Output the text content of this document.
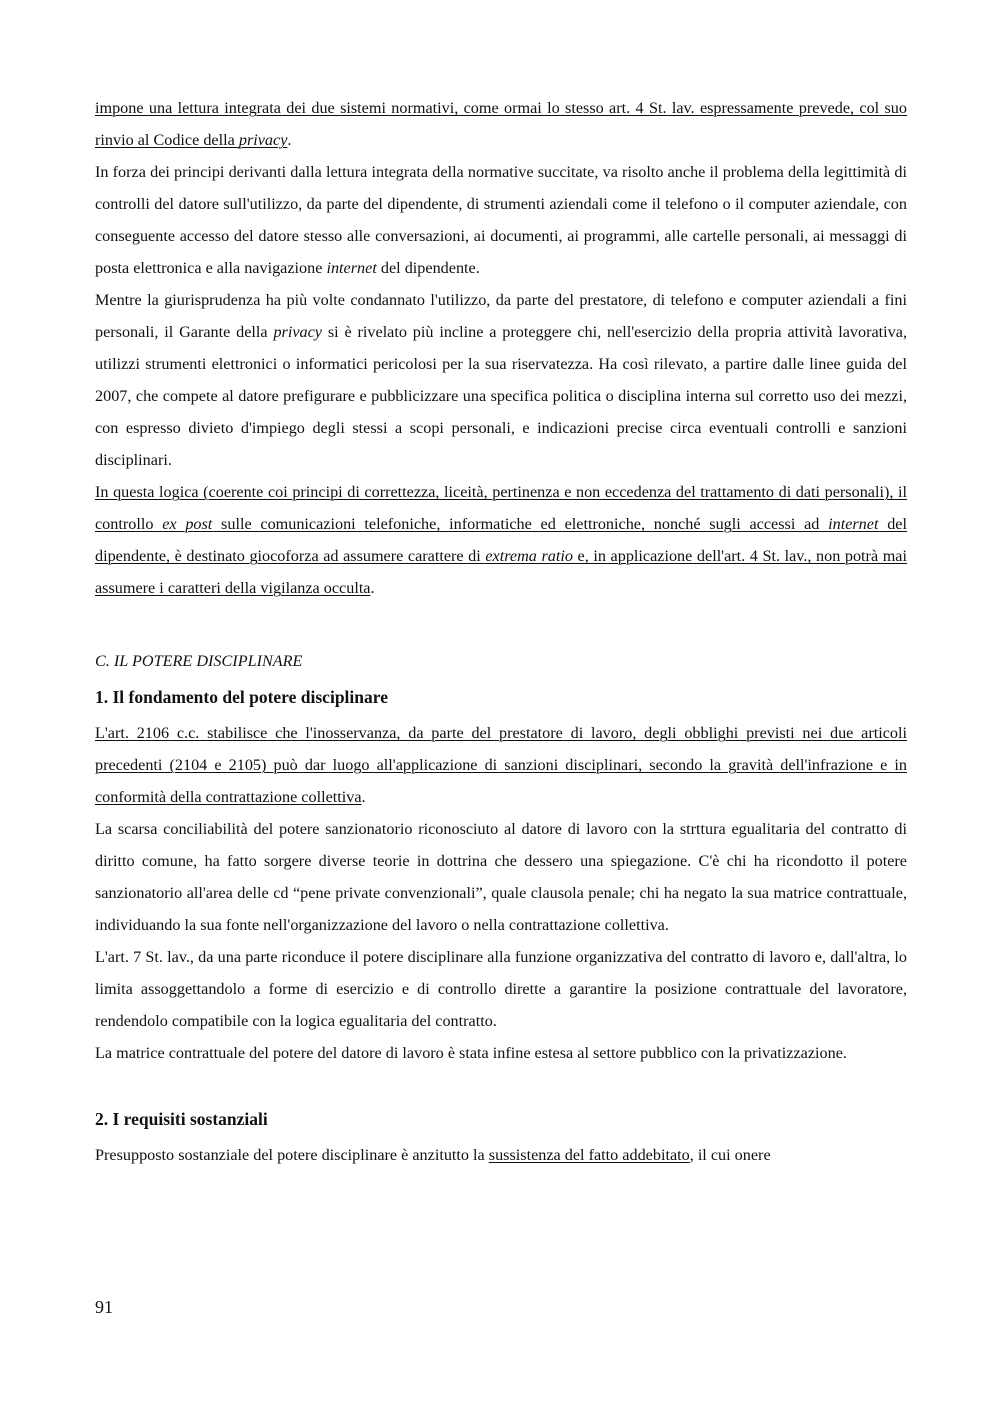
impone una lettura integrata dei due sistemi normativi, come ormai lo stesso art. 4 St. lav. espressamente prevede, col suo rinvio al Codice della privacy.

In forza dei principi derivanti dalla lettura integrata della normative succitate, va risolto anche il problema della legittimità di controlli del datore sull'utilizzo, da parte del dipendente, di strumenti aziendali come il telefono o il computer aziendale, con conseguente accesso del datore stesso alle conversazioni, ai documenti, ai programmi, alle cartelle personali, ai messaggi di posta elettronica e alla navigazione internet del dipendente.

Mentre la giurisprudenza ha più volte condannato l'utilizzo, da parte del prestatore, di telefono e computer aziendali a fini personali, il Garante della privacy si è rivelato più incline a proteggere chi, nell'esercizio della propria attività lavorativa, utilizzi strumenti elettronici o informatici pericolosi per la sua riservatezza. Ha così rilevato, a partire dalle linee guida del 2007, che compete al datore prefigurare e pubblicizzare una specifica politica o disciplina interna sul corretto uso dei mezzi, con espresso divieto d'impiego degli stessi a scopi personali, e indicazioni precise circa eventuali controlli e sanzioni disciplinari.

In questa logica (coerente coi principi di correttezza, liceità, pertinenza e non eccedenza del trattamento di dati personali), il controllo ex post sulle comunicazioni telefoniche, informatiche ed elettroniche, nonché sugli accessi ad internet del dipendente, è destinato giocoforza ad assumere carattere di extrema ratio e, in applicazione dell'art. 4 St. lav., non potrà mai assumere i caratteri della vigilanza occulta.

C. IL POTERE DISCIPLINARE

1. Il fondamento del potere disciplinare

L'art. 2106 c.c. stabilisce che l'inosservanza, da parte del prestatore di lavoro, degli obblighi previsti nei due articoli precedenti (2104 e 2105) può dar luogo all'applicazione di sanzioni disciplinari, secondo la gravità dell'infrazione e in conformità della contrattazione collettiva.

La scarsa conciliabilità del potere sanzionatorio riconosciuto al datore di lavoro con la strttura egualitaria del contratto di diritto comune, ha fatto sorgere diverse teorie in dottrina che dessero una spiegazione. C'è chi ha ricondotto il potere sanzionatorio all'area delle cd “pene private convenzionali”, quale clausola penale; chi ha negato la sua matrice contrattuale, individuando la sua fonte nell'organizzazione del lavoro o nella contrattazione collettiva.

L'art. 7 St. lav., da una parte riconduce il potere disciplinare alla funzione organizzativa del contratto di lavoro e, dall'altra, lo limita assoggettandolo a forme di esercizio e di controllo dirette a garantire la posizione contrattuale del lavoratore, rendendolo compatibile con la logica egualitaria del contratto.

La matrice contrattuale del potere del datore di lavoro è stata infine estesa al settore pubblico con la privatizzazione.

2. I requisiti sostanziali

Presupposto sostanziale del potere disciplinare è anzitutto la sussistenza del fatto addebitato, il cui onere

91
